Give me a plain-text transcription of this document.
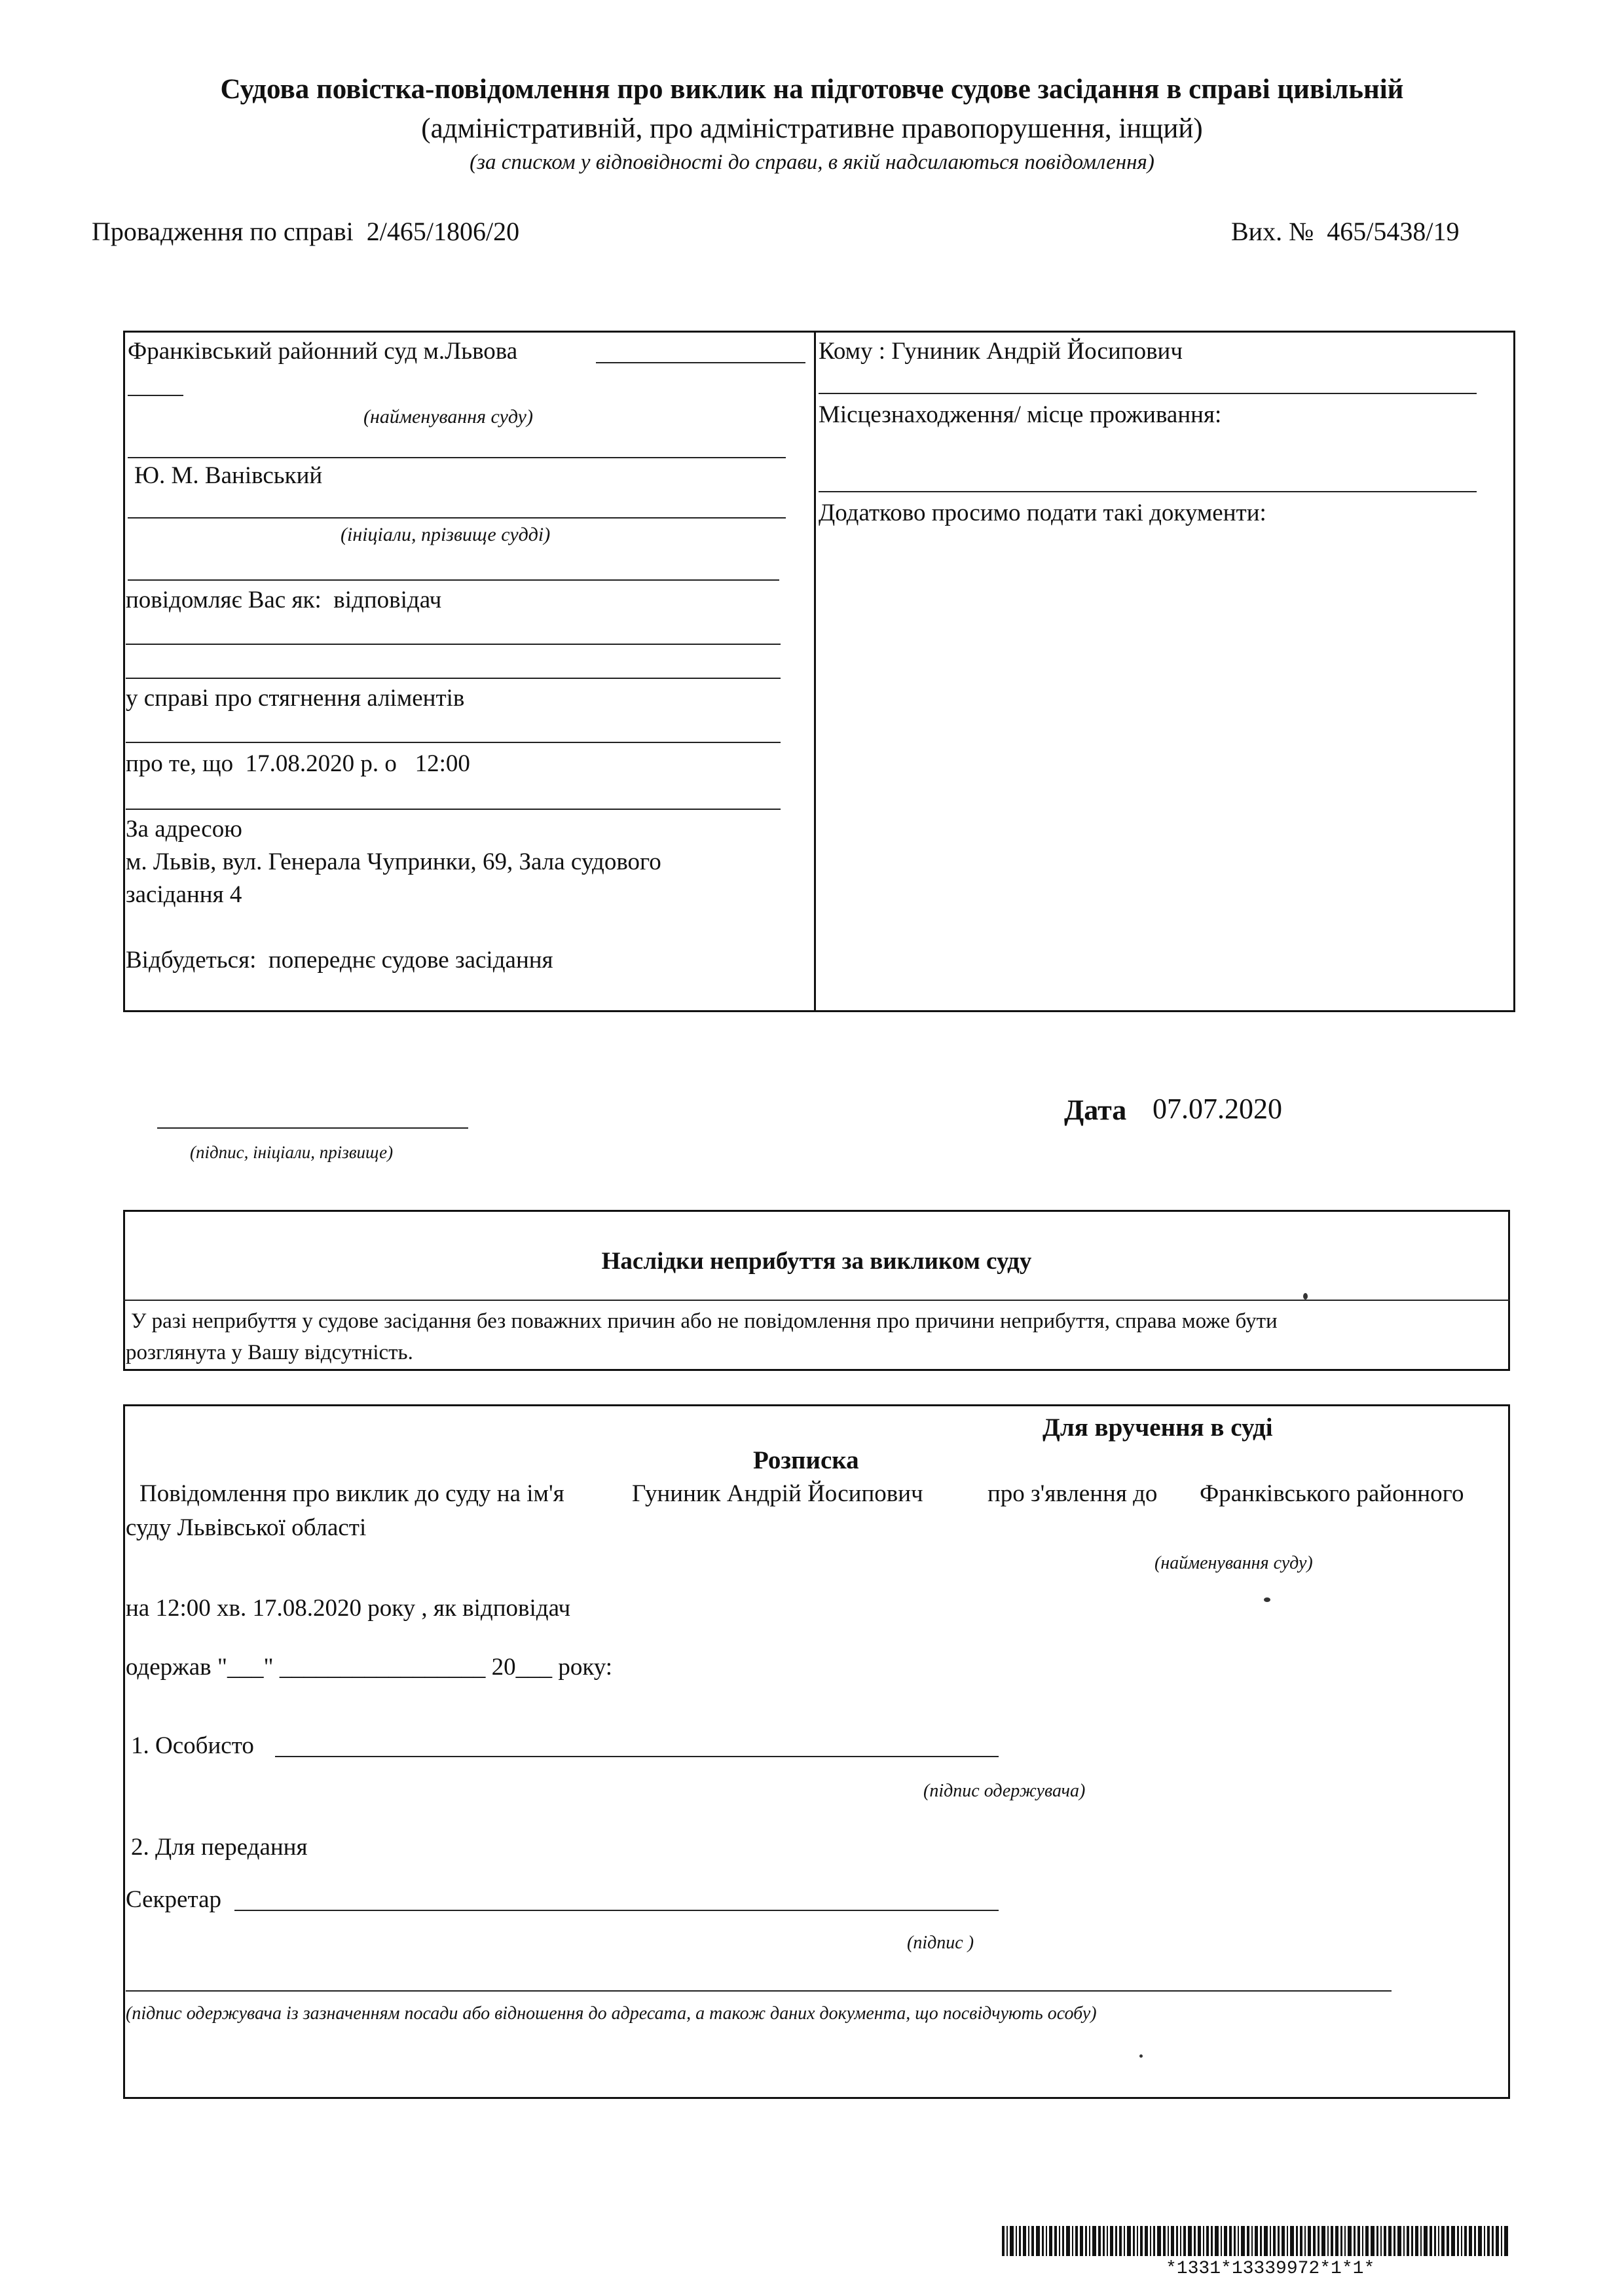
Судова повістка-повідомлення про виклик на підготовче судове засідання в справі цивільній
(адміністративній, про адміністративне правопорушення, інщий)
(за списком у відповідності до справи, в якій надсилаються повідомлення)
Провадження по справі 2/465/1806/20	Вих. № 465/5438/19
Франківський районний суд м.Львова
(найменування суду)
Ю. М. Ванівський
(ініціали, прізвище судді)
повідомляє Вас як: відповідач
у справі про стягнення аліментів
про те, що 17.08.2020 р. о 12:00
За адресою
м. Львів, вул. Генерала Чупринки, 69, Зала судового
засідання 4
Відбудеться: попереднє судове засідання
Кому : Гуниник Андрій Йосипович
Місцезнаходження/ місце проживання:
Додатково просимо подати такі документи:
(підпис, ініціали, прізвище)
Дата 07.07.2020
Наслідки неприбуття за викликом суду
У разі неприбуття у судове засідання без поважних причин або не повідомлення про причини неприбуття, справа може бути
розглянута у Вашу відсутність.
Для вручення в суді
Розписка
Повідомлення про виклик до суду на ім'я	Гуниник Андрій Йосипович	про з'явлення до Франківського районного
суду Львівської області
(найменування суду)
на 12:00 хв. 17.08.2020 року , як відповідач
одержав "___" _________________ 20___ року:
1. Особисто
(підпис одержувача)
2. Для передання
Секретар
(підпис )
(підпис одержувача із зазначенням посади або відношення до адресата, а також даних документа, що посвідчують особу)
*1331*13339972*1*1*
